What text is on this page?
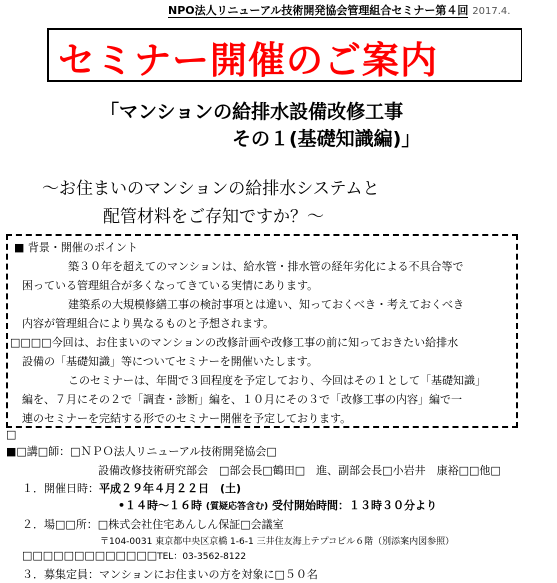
NPO法人リニューアル技術開発協会管理組合セミナー第４回 2017.4.
セミナー開催のご案内
「マンションの給排水設備改修工事
その１(基礎知識編)」
～お住まいのマンションの給排水システムと
配管材料をご存知ですか？～
■ 背景・開催のポイント
築３０年を超えてのマンションは、給水管・排水管の経年劣化による不具合等で
困っている管理組合が多くなってきている実情にあります。
建築系の大規模修繕工事の検討事項とは違い、知っておくべき・考えておくべき
内容が管理組合により異なるものと予想されます。
□□□□今回は、お住まいのマンションの改修計画や改修工事の前に知っておきたい給排水
設備の「基礎知識」等についてセミナーを開催いたします。
このセミナーは、年間で３回程度を予定しており、今回はその１として「基礎知識」
編を、７月にその２で「調査・診断」編を、１０月にその３で「改修工事の内容」編で一
連のセミナーを完結する形でのセミナー開催を予定しております。
□
■□講□師：□ＮＰＯ法人リニューアル技術開発協会□
設備改修技術研究部会　□部会長□鶴田□　進、副部会長□小岩井　康裕□□他□
１．開催日時：平成２９年４月２２日　(土)
•１４時～１６時 (質疑応答含む) 受付開始時間：１３時３０分より
２．場□□所：□株式会社住宅あんしん保証□会議室
〒104-0031 東京都中央区京橋 1-6-1 三井住友海上テプコビル６階（別添案内図参照）
□□□□□□□□□□□□□TEL：03-3562-8122
３．募集定員：マンションにお住まいの方を対象に□５０名
